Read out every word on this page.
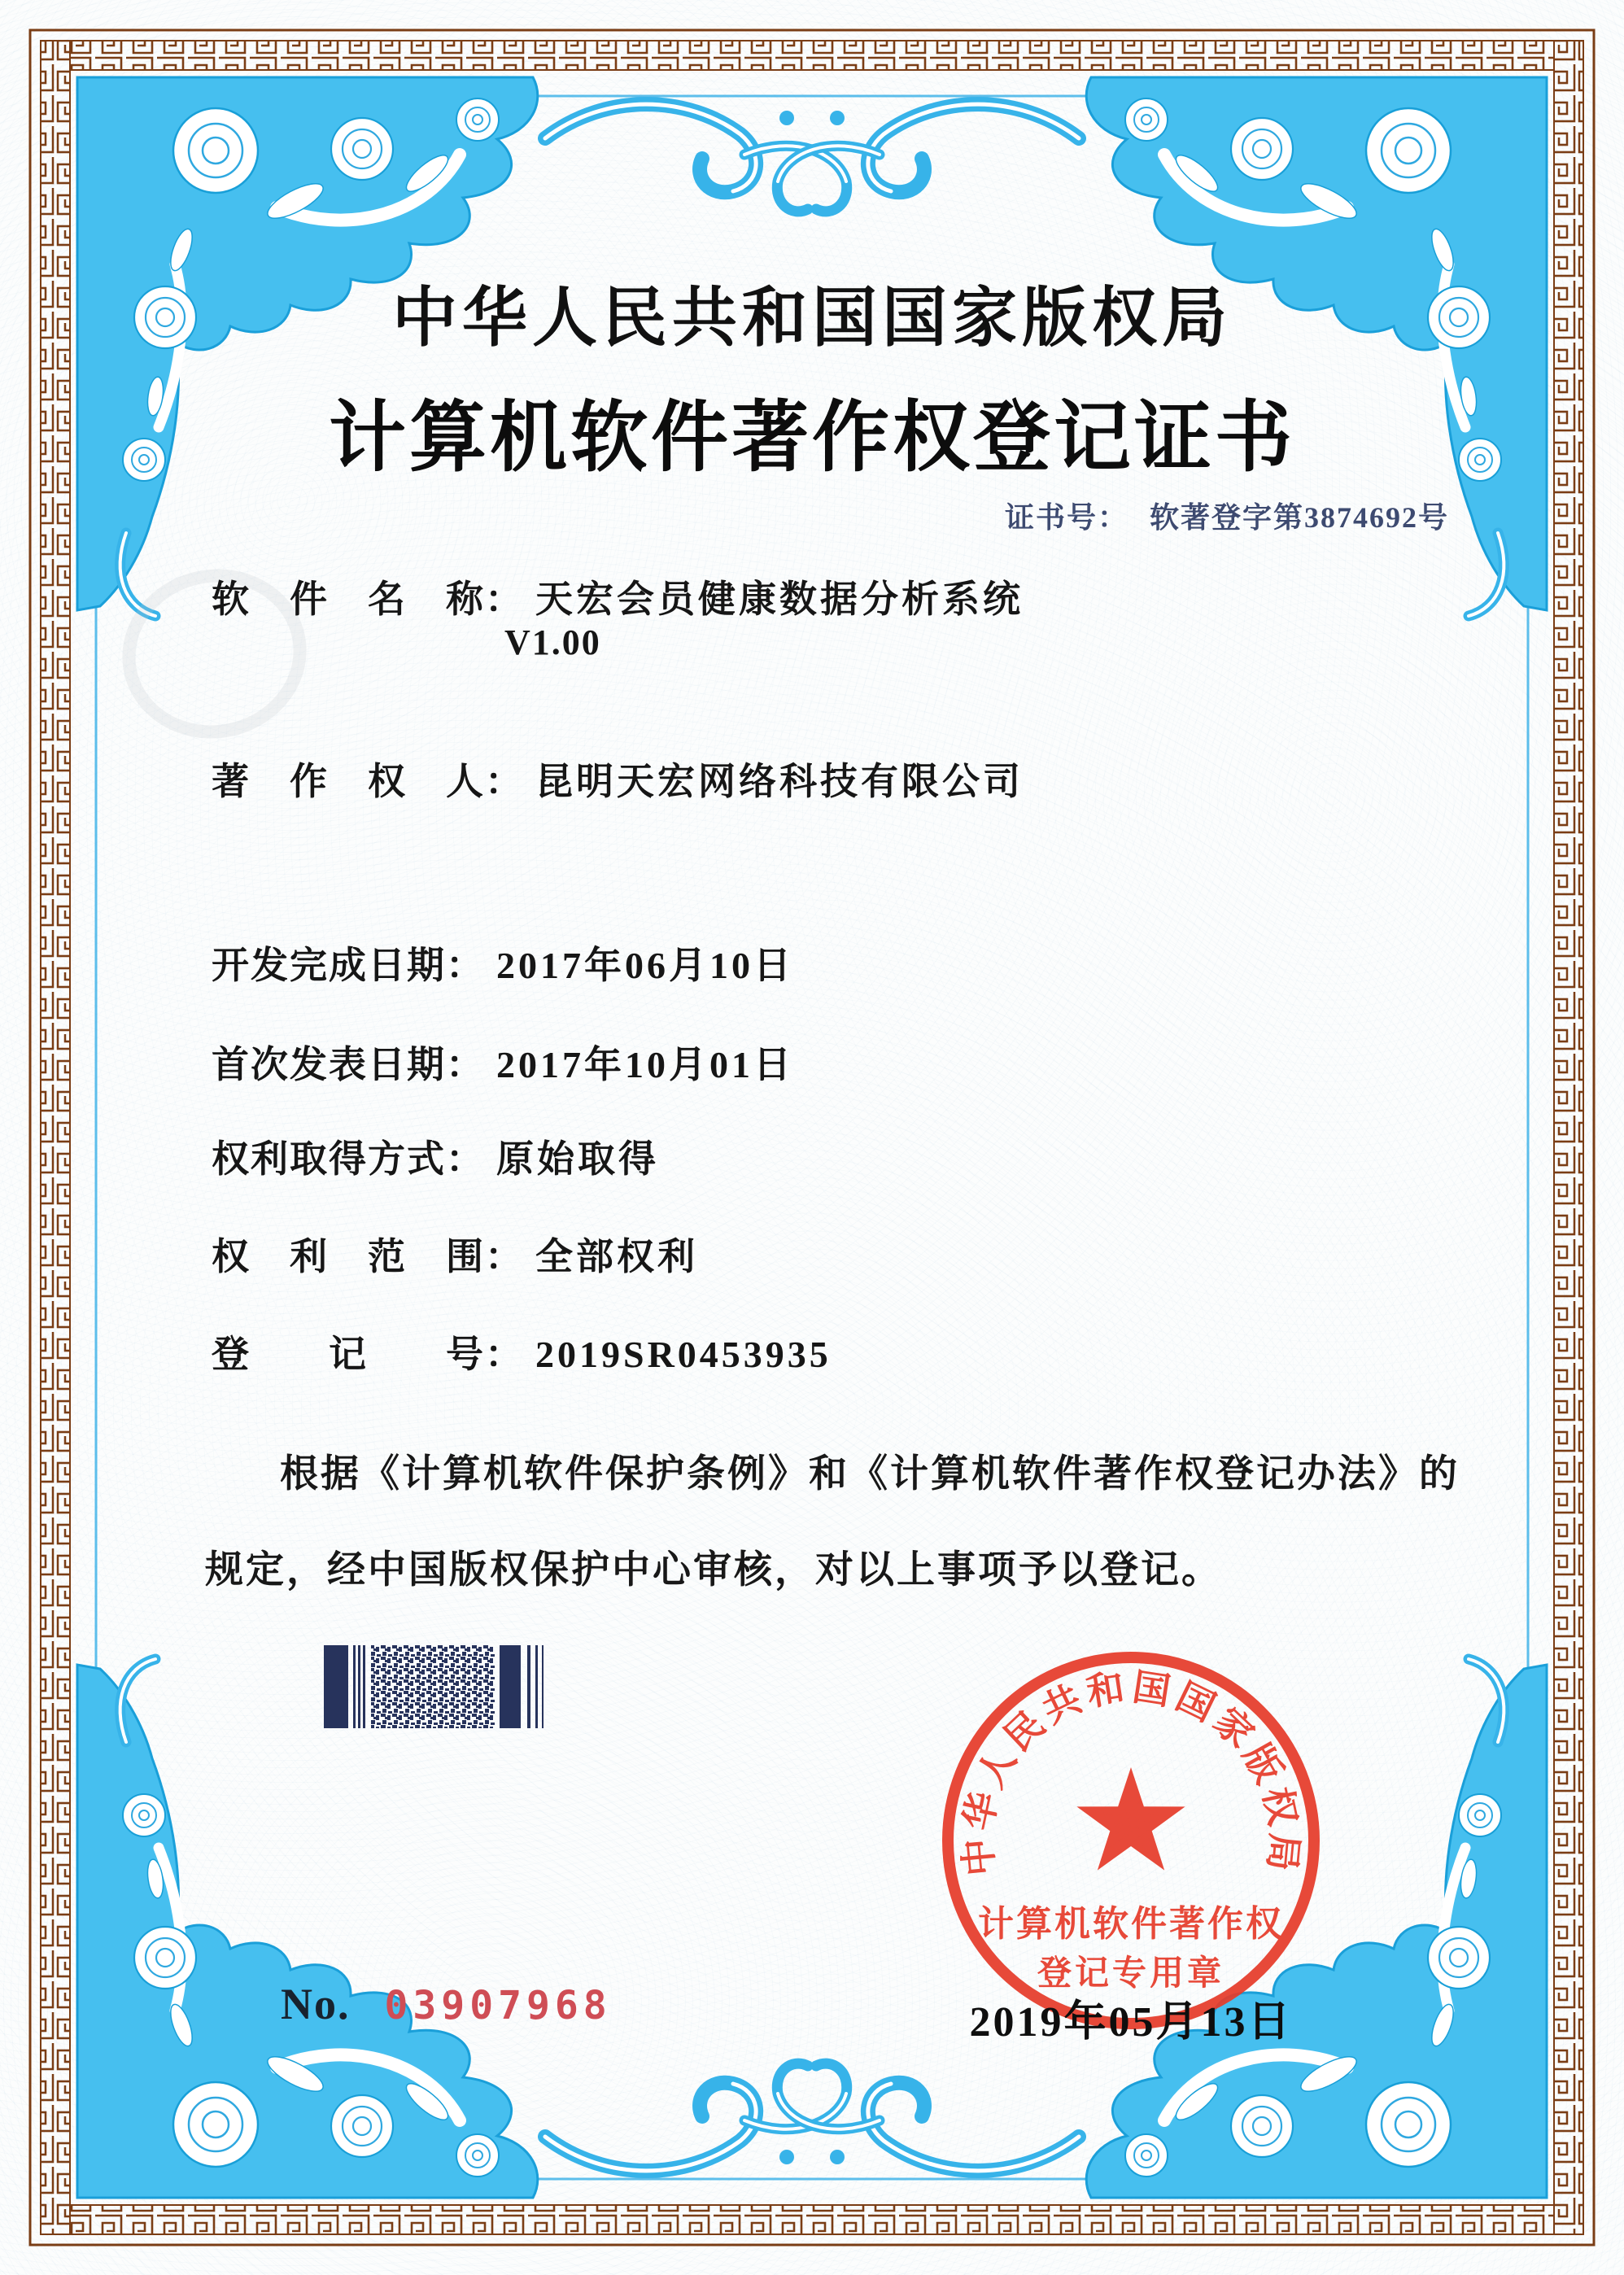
中华人民共和国国家版权局
计算机软件著作权登记证书
证书号： 软著登字第3874692号
软　件　名　称： 天宏会员健康数据分析系统
V1.00
著　作　权　人： 昆明天宏网络科技有限公司
开发完成日期： 2017年06月10日
首次发表日期： 2017年10月01日
权利取得方式： 原始取得
权　利　范　围： 全部权利
登　　记　　号： 2019SR0453935
根据《计算机软件保护条例》和《计算机软件著作权登记办法》的
规定，经中国版权保护中心审核，对以上事项予以登记。
中华人民共和国国家版权局
计算机软件著作权
登记专用章
2019年05月13日
No. 03907968
